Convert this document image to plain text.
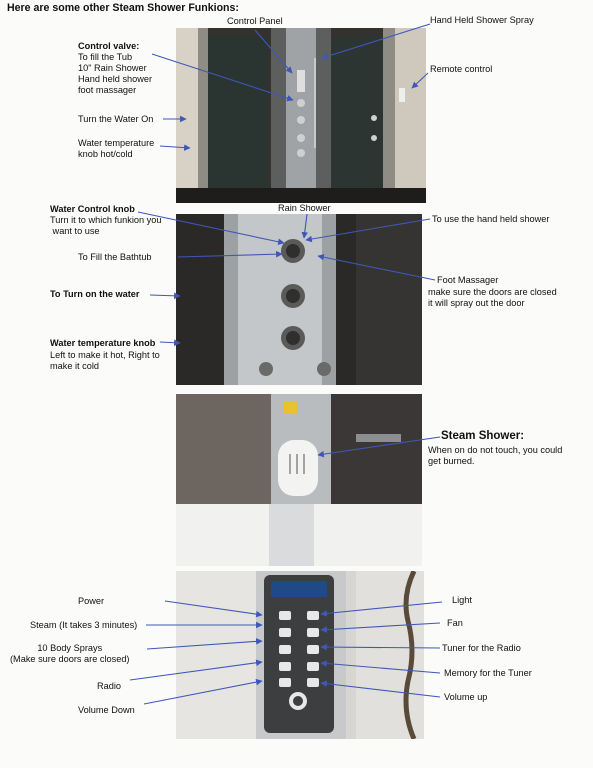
Here are some other Steam Shower Funkions:
Control Panel	Hand Held Shower Spray
Remote control
Control valve:
To fill the Tub
10" Rain Shower
Hand held shower
foot massager
Turn the Water On
Water temperature
knob hot/cold
Rain Shower
Water Control knob
Turn it to which funkion you
want to use
To use the hand held shower
To Fill the Bathtub
Foot Massager
make sure the doors are closed
it will spray out the door
To Turn on the water
Water temperature knob
Left to make it hot, Right to
make it cold
Steam Shower:
When on do not touch, you could
get burned.
Power
Steam (It takes 3 minutes)
10 Body Sprays
(Make sure doors are closed)
Radio
Volume Down
Light
Fan
Tuner for the Radio
Memory for the Tuner
Volume up
